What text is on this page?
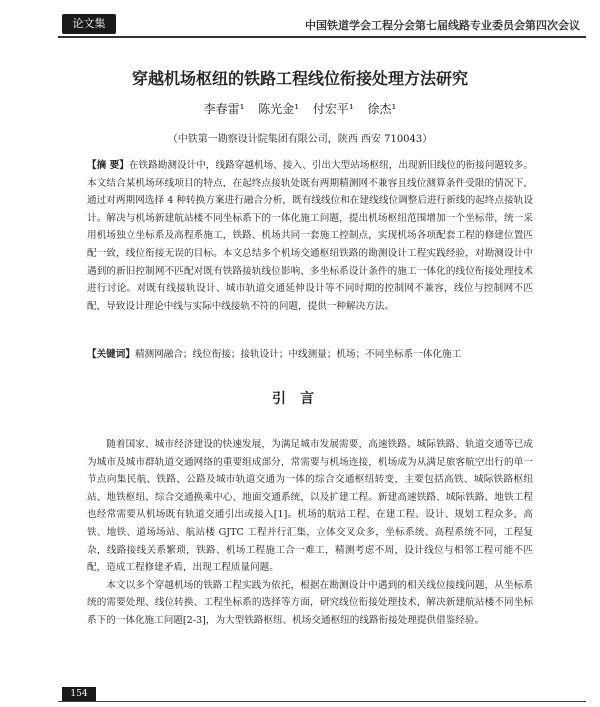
论文集	中国铁道学会工程分会第七届线路专业委员会第四次会议
穿越机场枢纽的铁路工程线位衔接处理方法研究
李春雷¹ 陈光金¹ 付宏平¹ 徐杰¹
（中铁第一勘察设计院集团有限公司，陕西 西安 710043）

【摘 要】在铁路勘测设计中，线路穿越机场、接入、引出大型站场枢纽，出现新旧线位的衔接问题较多。本文结合某机场环线项目的特点，在起终点接轨处既有两期精测网不兼容且线位测算条件受限的情况下，通过对两期网选择 4 种转换方案进行融合分析，既有线线位和在建线线位调整后进行新线的起终点接轨设计。解决与机场新建航站楼不同坐标系下的一体化施工问题，提出机场枢纽范围增加一个坐标带，统一采用机场独立坐标系及高程系施工，铁路、机场共同一套施工控制点，实现机场各项配套工程的修建位置匹配一致，线位衔接无误的目标。本文总结多个机场交通枢纽铁路的勘测设计工程实践经验，对勘测设计中遇到的新旧控制网不匹配对既有铁路接轨线位影响、多坐标系设计条件的施工一体化的线位衔接处理技术进行讨论。对既有线接轨设计、城市轨道交通延伸设计等不同时期的控制网不兼容，线位与控制网不匹配，导致设计理论中线与实际中线接轨不符的问题，提供一种解决方法。

【关键词】精测网融合；线位衔接；接轨设计；中线测量；机场；不同坐标系一体化施工

引言

随着国家、城市经济建设的快速发展，为满足城市发展需要，高速铁路、城际铁路、轨道交通等已成为城市及城市群轨道交通网络的重要组成部分，常需要与机场连接，机场成为从满足旅客航空出行的单一节点向集民航、铁路、公路及城市轨道交通为一体的综合交通枢纽转变，主要包括高铁、城际铁路枢纽站、地铁枢纽、综合交通换乘中心、地面交通系统，以及扩建工程。新建高速铁路、城际铁路、地铁工程也经常需要从机场既有轨道交通引出或接入[1]。机场的航站工程、在建工程、设计、规划工程众多，高铁、地铁、道场场站、航站楼 GJTC 工程并行汇集，立体交叉众多，坐标系统、高程系统不同，工程复杂，线路接线关系繁琐，铁路、机场工程施工合一难工，精测考虑不周，设计线位与相邻工程可能不匹配，造成工程修建矛盾，出现工程质量问题。

本文以多个穿越机场的铁路工程实践为依托，根据在勘测设计中遇到的相关线位接线问题，从坐标系统的需要处理、线位转换、工程坐标系的选择等方面，研究线位衔接处理技术，解决新建航站楼不同坐标系下的一体化施工问题[2-3]，为大型铁路枢纽、机场交通枢纽的线路衔接处理提供借鉴经验。

154
